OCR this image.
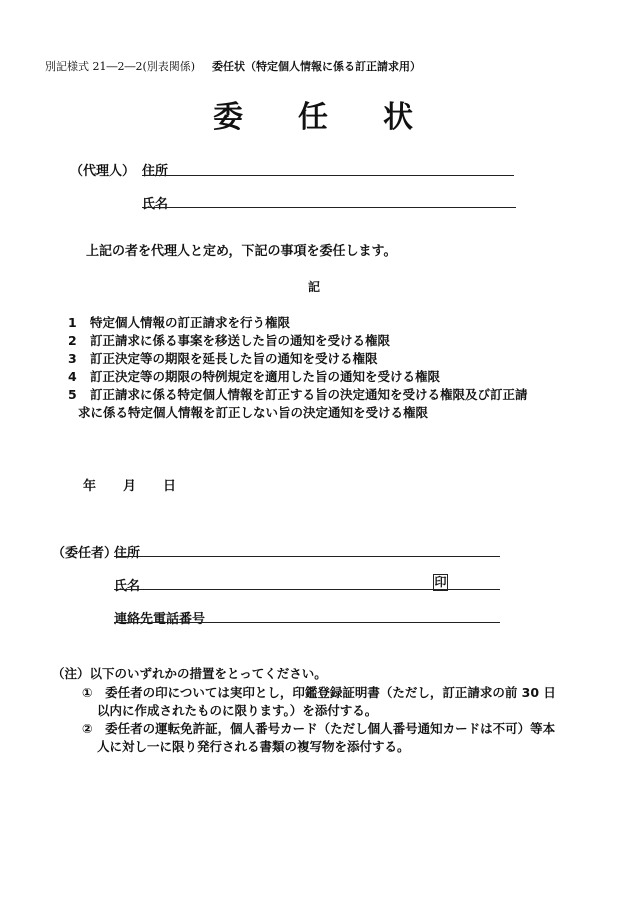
別記様式 21―2―2(別表関係) 委任状（特定個人情報に係る訂正請求用）
委 任 状
（代理人） 住所
氏名
上記の者を代理人と定め，下記の事項を委任します。
記
1 特定個人情報の訂正請求を行う権限
2 訂正請求に係る事案を移送した旨の通知を受ける権限
3 訂正決定等の期限を延長した旨の通知を受ける権限
4 訂正決定等の期限の特例規定を適用した旨の通知を受ける権限
5 訂正請求に係る特定個人情報を訂正する旨の決定通知を受ける権限及び訂正請
求に係る特定個人情報を訂正しない旨の決定通知を受ける権限
年 月 日
（委任者）
住所
氏名	印
連絡先電話番号
（注）以下のいずれかの措置をとってください。
①　委任者の印については実印とし，印鑑登録証明書（ただし，訂正請求の前 30 日
以内に作成されたものに限ります。）を添付する。
②　委任者の運転免許証，個人番号カード（ただし個人番号通知カードは不可）等本
人に対し一に限り発行される書類の複写物を添付する。
